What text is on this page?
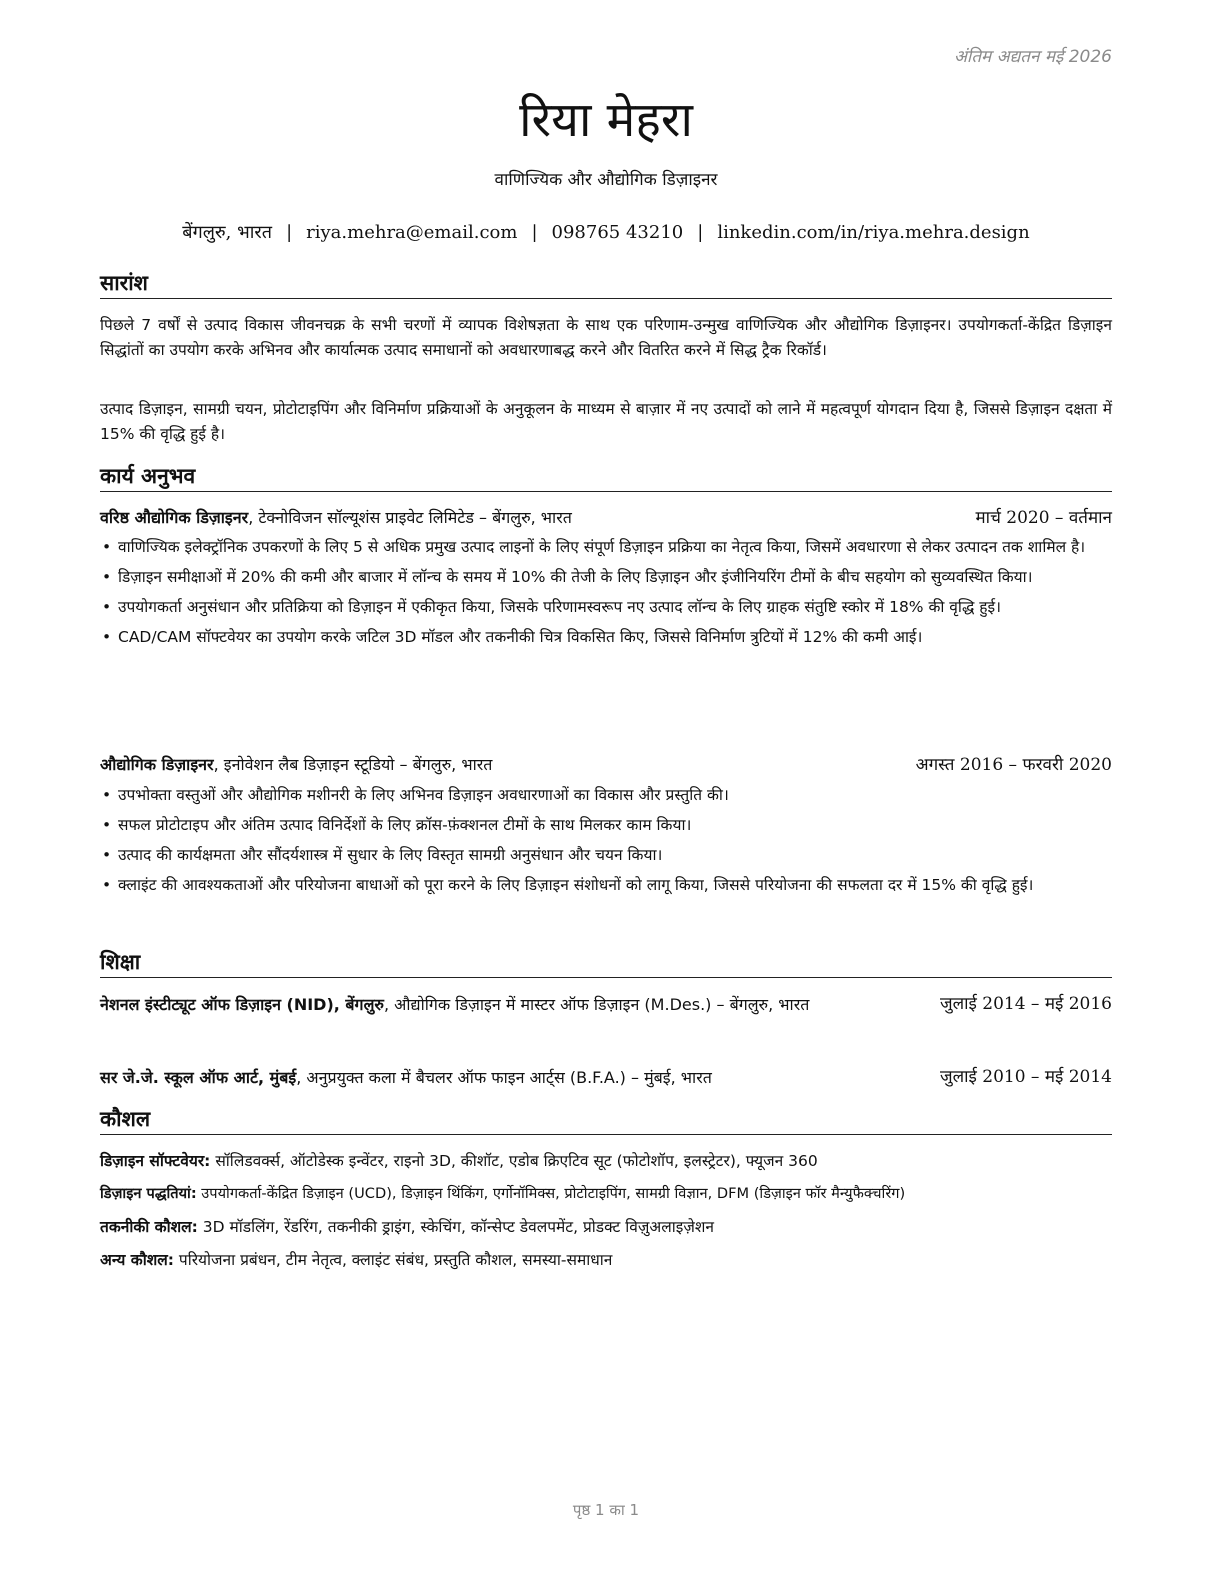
अंतिम अद्यतन मई 2026
रिया मेहरा
वाणिज्यिक और औद्योगिक डिज़ाइनर
बेंगलुरु, भारत | riya.mehra@email.com | 098765 43210 | linkedin.com/in/riya.mehra.design
सारांश
पिछले 7 वर्षों से उत्पाद विकास जीवनचक्र के सभी चरणों में व्यापक विशेषज्ञता के साथ एक परिणाम-उन्मुख वाणिज्यिक और औद्योगिक डिज़ाइनर। उपयोगकर्ता-केंद्रित डिज़ाइन सिद्धांतों का उपयोग करके अभिनव और कार्यात्मक उत्पाद समाधानों को अवधारणाबद्ध करने और वितरित करने में सिद्ध ट्रैक रिकॉर्ड।
उत्पाद डिज़ाइन, सामग्री चयन, प्रोटोटाइपिंग और विनिर्माण प्रक्रियाओं के अनुकूलन के माध्यम से बाज़ार में नए उत्पादों को लाने में महत्वपूर्ण योगदान दिया है, जिससे डिज़ाइन दक्षता में 15% की वृद्धि हुई है।
कार्य अनुभव
वरिष्ठ औद्योगिक डिज़ाइनर, टेक्नोविजन सॉल्यूशंस प्राइवेट लिमिटेड – बेंगलुरु, भारत	मार्च 2020 – वर्तमान
• वाणिज्यिक इलेक्ट्रॉनिक उपकरणों के लिए 5 से अधिक प्रमुख उत्पाद लाइनों के लिए संपूर्ण डिज़ाइन प्रक्रिया का नेतृत्व किया, जिसमें अवधारणा से लेकर उत्पादन तक शामिल है।
• डिज़ाइन समीक्षाओं में 20% की कमी और बाजार में लॉन्च के समय में 10% की तेजी के लिए डिज़ाइन और इंजीनियरिंग टीमों के बीच सहयोग को सुव्यवस्थित किया।
• उपयोगकर्ता अनुसंधान और प्रतिक्रिया को डिज़ाइन में एकीकृत किया, जिसके परिणामस्वरूप नए उत्पाद लॉन्च के लिए ग्राहक संतुष्टि स्कोर में 18% की वृद्धि हुई।
• CAD/CAM सॉफ्टवेयर का उपयोग करके जटिल 3D मॉडल और तकनीकी चित्र विकसित किए, जिससे विनिर्माण त्रुटियों में 12% की कमी आई।
औद्योगिक डिज़ाइनर, इनोवेशन लैब डिज़ाइन स्टूडियो – बेंगलुरु, भारत	अगस्त 2016 – फरवरी 2020
• उपभोक्ता वस्तुओं और औद्योगिक मशीनरी के लिए अभिनव डिज़ाइन अवधारणाओं का विकास और प्रस्तुति की।
• सफल प्रोटोटाइप और अंतिम उत्पाद विनिर्देशों के लिए क्रॉस-फ़ंक्शनल टीमों के साथ मिलकर काम किया।
• उत्पाद की कार्यक्षमता और सौंदर्यशास्त्र में सुधार के लिए विस्तृत सामग्री अनुसंधान और चयन किया।
• क्लाइंट की आवश्यकताओं और परियोजना बाधाओं को पूरा करने के लिए डिज़ाइन संशोधनों को लागू किया, जिससे परियोजना की सफलता दर में 15% की वृद्धि हुई।
शिक्षा
नेशनल इंस्टीट्यूट ऑफ डिज़ाइन (NID), बेंगलुरु, औद्योगिक डिज़ाइन में मास्टर ऑफ डिज़ाइन (M.Des.) – बेंगलुरु, भारत	जुलाई 2014 – मई 2016
सर जे.जे. स्कूल ऑफ आर्ट, मुंबई, अनुप्रयुक्त कला में बैचलर ऑफ फाइन आर्ट्स (B.F.A.) – मुंबई, भारत	जुलाई 2010 – मई 2014
कौशल
डिज़ाइन सॉफ्टवेयर: सॉलिडवर्क्स, ऑटोडेस्क इन्वेंटर, राइनो 3D, कीशॉट, एडोब क्रिएटिव सूट (फोटोशॉप, इलस्ट्रेटर), फ्यूजन 360
डिज़ाइन पद्धतियां: उपयोगकर्ता-केंद्रित डिज़ाइन (UCD), डिज़ाइन थिंकिंग, एर्गोनॉमिक्स, प्रोटोटाइपिंग, सामग्री विज्ञान, DFM (डिज़ाइन फॉर मैन्युफैक्चरिंग)
तकनीकी कौशल: 3D मॉडलिंग, रेंडरिंग, तकनीकी ड्राइंग, स्केचिंग, कॉन्सेप्ट डेवलपमेंट, प्रोडक्ट विज़ुअलाइज़ेशन
अन्य कौशल: परियोजना प्रबंधन, टीम नेतृत्व, क्लाइंट संबंध, प्रस्तुति कौशल, समस्या-समाधान
पृष्ठ 1 का 1
